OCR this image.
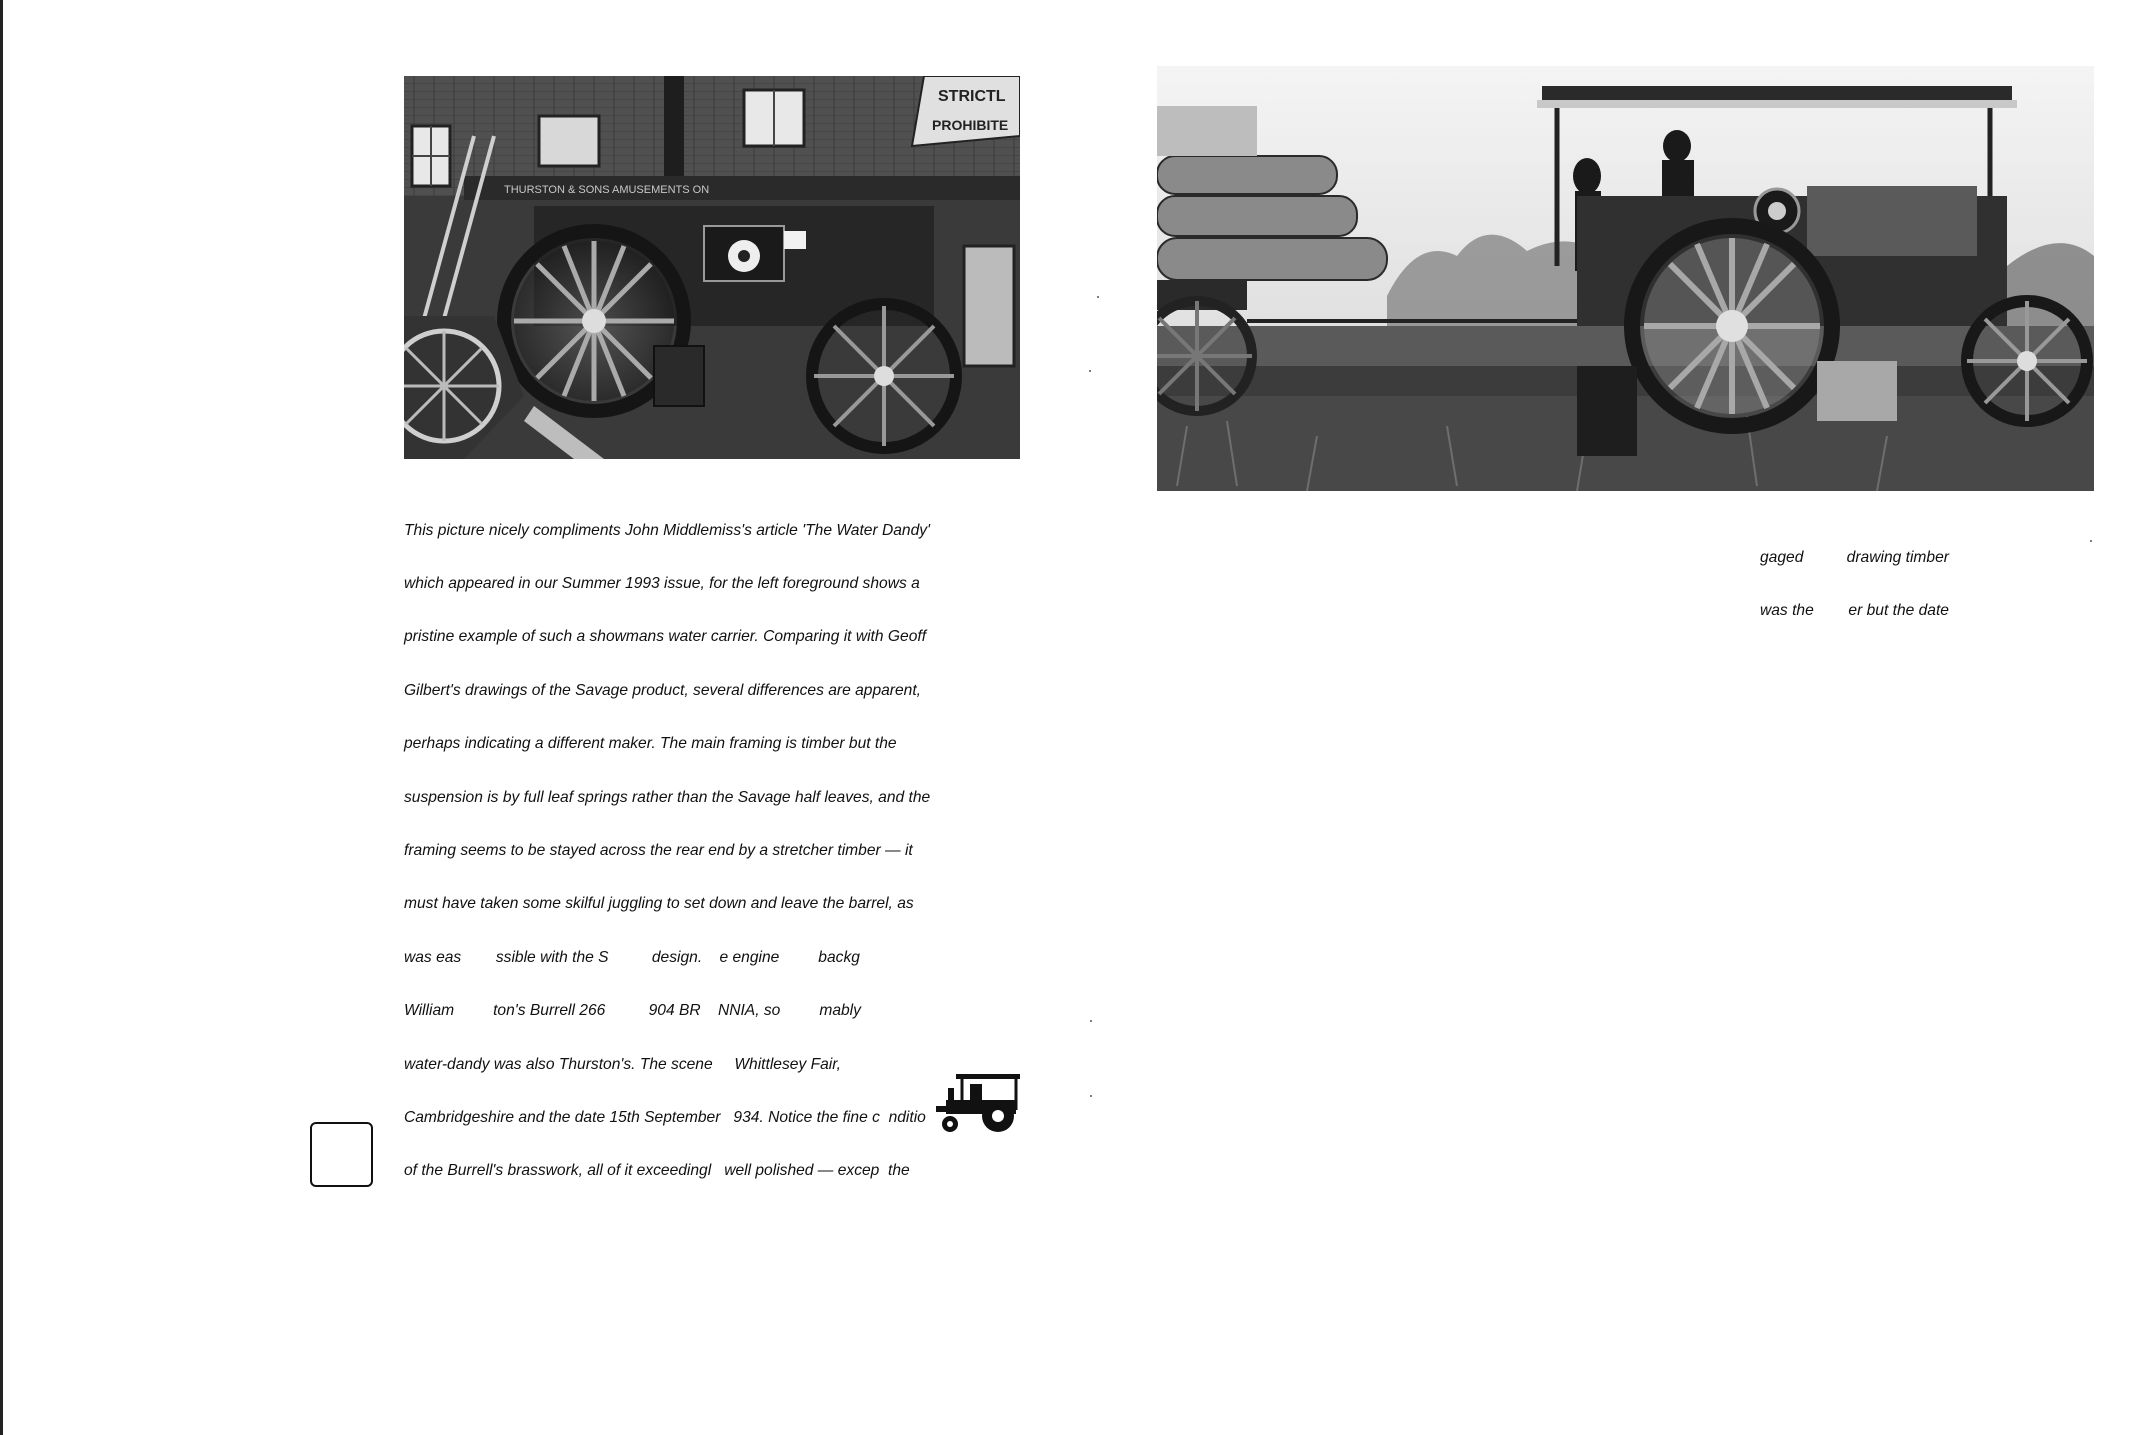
THURSTON & SONS AMUSEMENTS ON
STRICTL
PROHIBITE

This picture nicely compliments John Middlemiss's article 'The Water Dandy'

which appeared in our Summer 1993 issue, for the left foreground shows a

pristine example of such a showmans water carrier. Comparing it with Geoff

Gilbert's drawings of the Savage product, several differences are apparent,

perhaps indicating a different maker. The main framing is timber but the

suspension is by full leaf springs rather than the Savage half leaves, and the

framing seems to be stayed across the rear end by a stretcher timber — it

must have taken some skilful juggling to set down and leave the barrel, as

was eas        ssible with the S          design.    e engine         backg

William         ton's Burrell 266          904 BR    NNIA, so         mably

water-dandy was also Thurston's. The scene     Whittlesey Fair,

Cambridgeshire and the date 15th September   934. Notice the fine c  nditio

of the Burrell's brasswork, all of it exceedingl   well polished — excep  the

gaged          drawing timber

was the        er but the date
